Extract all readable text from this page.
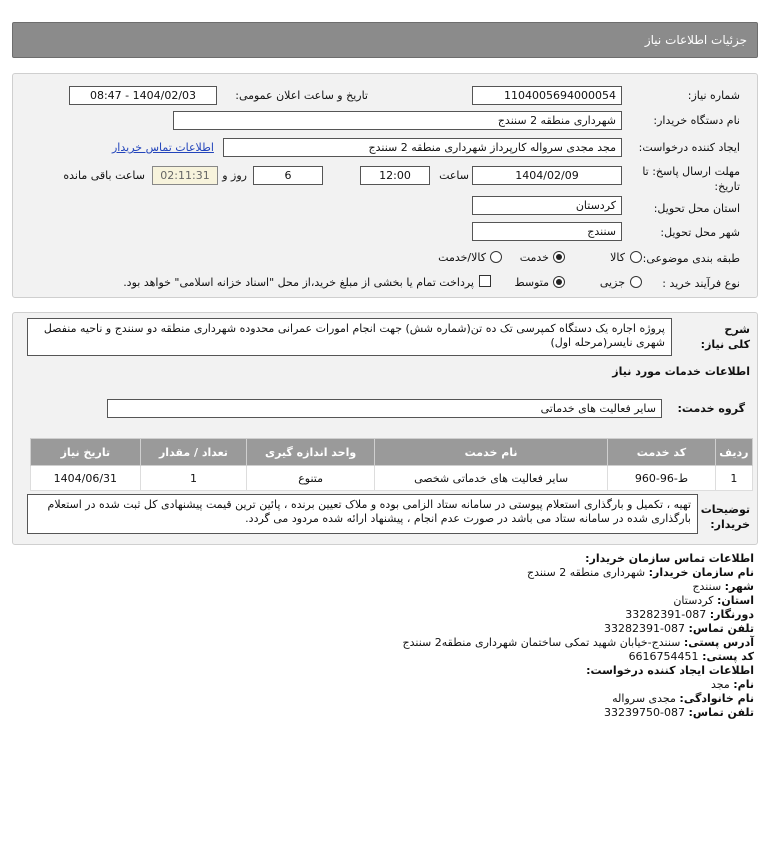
جزئیات اطلاعات نیاز
شماره نیاز:
1104005694000054
تاریخ و ساعت اعلان عمومی:
1404/02/03 - 08:47
نام دستگاه خریدار:
شهرداری منطقه 2 سنندج
ایجاد کننده درخواست:
مجد مجدی سرواله کارپرداز شهرداری منطقه 2 سنندج
اطلاعات تماس خریدار
مهلت ارسال پاسخ: تا تاریخ:
1404/02/09
ساعت
12:00
6
روز و
02:11:31
ساعت باقی مانده
استان محل تحویل:
کردستان
شهر محل تحویل:
سنندج
طبقه بندی موضوعی:
کالا
خدمت
کالا/خدمت
نوع فرآیند خرید :
جزیی
متوسط
پرداخت تمام یا بخشی از مبلغ خرید،از محل "اسناد خزانه اسلامی" خواهد بود.
شرح کلی نیاز:
پروژه اجاره یک دستگاه کمپرسی تک ده تن(شماره شش) جهت انجام امورات عمرانی محدوده شهرداری منطقه دو سنندج و ناحیه منفصل شهری نایسر(مرحله اول)
اطلاعات خدمات مورد نیاز
گروه خدمت:
سایر فعالیت های خدماتی
ردیف	کد خدمت	نام خدمت	واحد اندازه گیری	تعداد / مقدار	تاریخ نیاز
1	ط-96-960	سایر فعالیت های خدماتی شخصی	متنوع	1	1404/06/31
توضیحات خریدار:
تهیه ، تکمیل و بارگذاری استعلام پیوستی در سامانه ستاد الزامی بوده و ملاک تعیین برنده ، پائین ترین قیمت پیشنهادی کل ثبت شده در استعلام بارگذاری شده در سامانه ستاد می باشد در صورت عدم انجام ، پیشنهاد ارائه شده مردود می گردد.
اطلاعات تماس سازمان خریدار:
نام سازمان خریدار: شهرداری منطقه 2 سنندج
شهر: سنندج
استان: کردستان
دورنگار: 087-33282391
تلفن تماس: 087-33282391
آدرس پستی: سنندج-خیابان شهید تمکی ساختمان شهرداری منطقه2 سنندج
کد پستی: 6616754451
اطلاعات ایجاد کننده درخواست:
نام: مجد
نام خانوادگی: مجدی سرواله
تلفن تماس: 087-33239750
